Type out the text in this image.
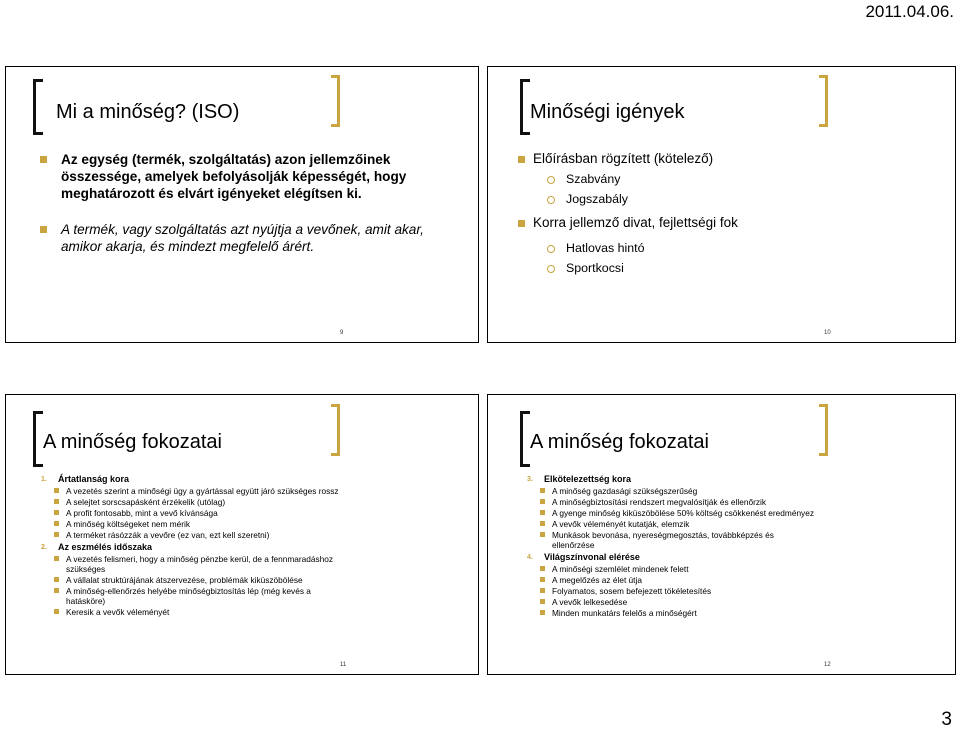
2011.04.06.
Mi a minőség? (ISO)
Az egység (termék, szolgáltatás) azon jellemzőinek összessége, amelyek befolyásolják képességét, hogy meghatározott és elvárt igényeket elégítsen ki.
A termék, vagy szolgáltatás azt nyújtja a vevőnek, amit akar, amikor akarja, és mindezt megfelelő árért.
9
Minőségi igények
Előírásban rögzített (kötelező)
Szabvány
Jogszabály
Korra jellemző divat, fejlettségi fok
Hatlovas hintó
Sportkocsi
10
A minőség fokozatai
1. Ártatlanság kora
A vezetés szerint a minőségi ügy a gyártással együtt járó szükséges rossz
A selejtet sorscsapásként érzékelik (utólag)
A profit fontosabb, mint a vevő kívánsága
A minőség költségeket nem mérik
A terméket rásózzák a vevőre (ez van, ezt kell szeretni)
2. Az eszmélés időszaka
A vezetés felismeri, hogy a minőség pénzbe kerül, de a fennmaradáshoz szükséges
A vállalat struktúrájának átszervezése, problémák kiküszöbölése
A minőség-ellenőrzés helyébe minőségbiztosítás lép (még kevés a hatásköre)
Keresik a vevők véleményét
11
A minőség fokozatai
3. Elkötelezettség kora
A minőség gazdasági szükségszerűség
A minőségbiztosítási rendszert megvalósítják és ellenőrzik
A gyenge minőség kiküszöbölése 50% költség csökkenést eredményez
A vevők véleményét kutatják, elemzik
Munkások bevonása, nyereségmegosztás, továbbképzés és ellenőrzése
4. Világszínvonal elérése
A minőségi szemlélet mindenek felett
A megelőzés az élet útja
Folyamatos, sosem befejezett tökéletesítés
A vevők lelkesedése
Minden munkatárs felelős a minőségért
12
3
